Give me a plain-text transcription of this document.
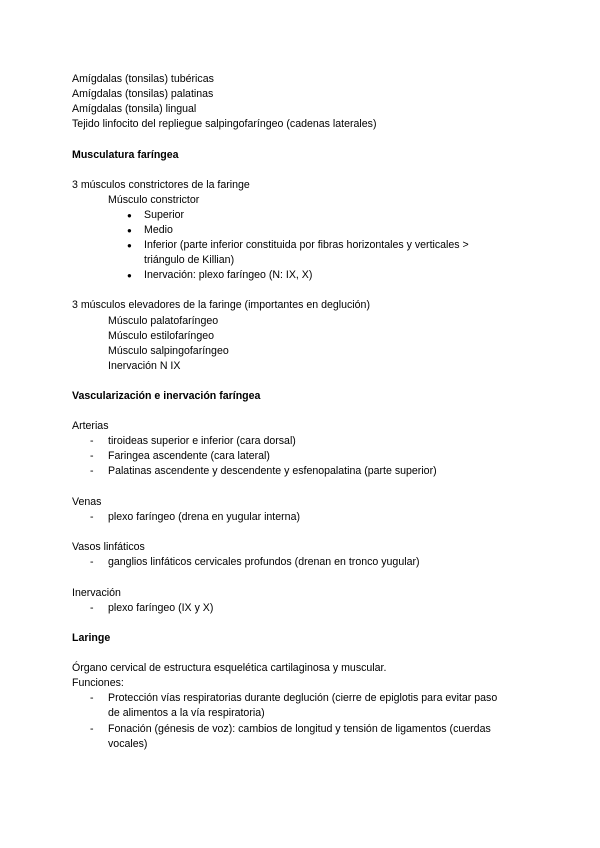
Amígdalas (tonsilas) tubéricas
Amígdalas (tonsilas) palatinas
Amígdalas (tonsila) lingual
Tejido linfocito del repliegue salpingofaríngeo (cadenas laterales)
Musculatura faríngea
3 músculos constrictores de la faringe
Músculo constrictor
● Superior
● Medio
● Inferior (parte inferior constituida por fibras horizontales y verticales >
triángulo de Killian)
● Inervación: plexo faríngeo (N: IX, X)
3 músculos elevadores de la faringe (importantes en deglución)
Músculo palatofaríngeo
Músculo estilofaríngeo
Músculo salpingofaríngeo
Inervación N IX
Vascularización e inervación faríngea
Arterias
- tiroideas superior e inferior (cara dorsal)
- Faringea ascendente (cara lateral)
- Palatinas ascendente y descendente y esfenopalatina (parte superior)
Venas
- plexo faríngeo (drena en yugular interna)
Vasos linfáticos
- ganglios linfáticos cervicales profundos (drenan en tronco yugular)
Inervación
- plexo faríngeo (IX y X)
Laringe
Órgano cervical de estructura esquelética cartilaginosa y muscular.
Funciones:
- Protección vías respiratorias durante deglución (cierre de epiglotis para evitar paso
de alimentos a la vía respiratoria)
- Fonación (génesis de voz): cambios de longitud y tensión de ligamentos (cuerdas
vocales)
